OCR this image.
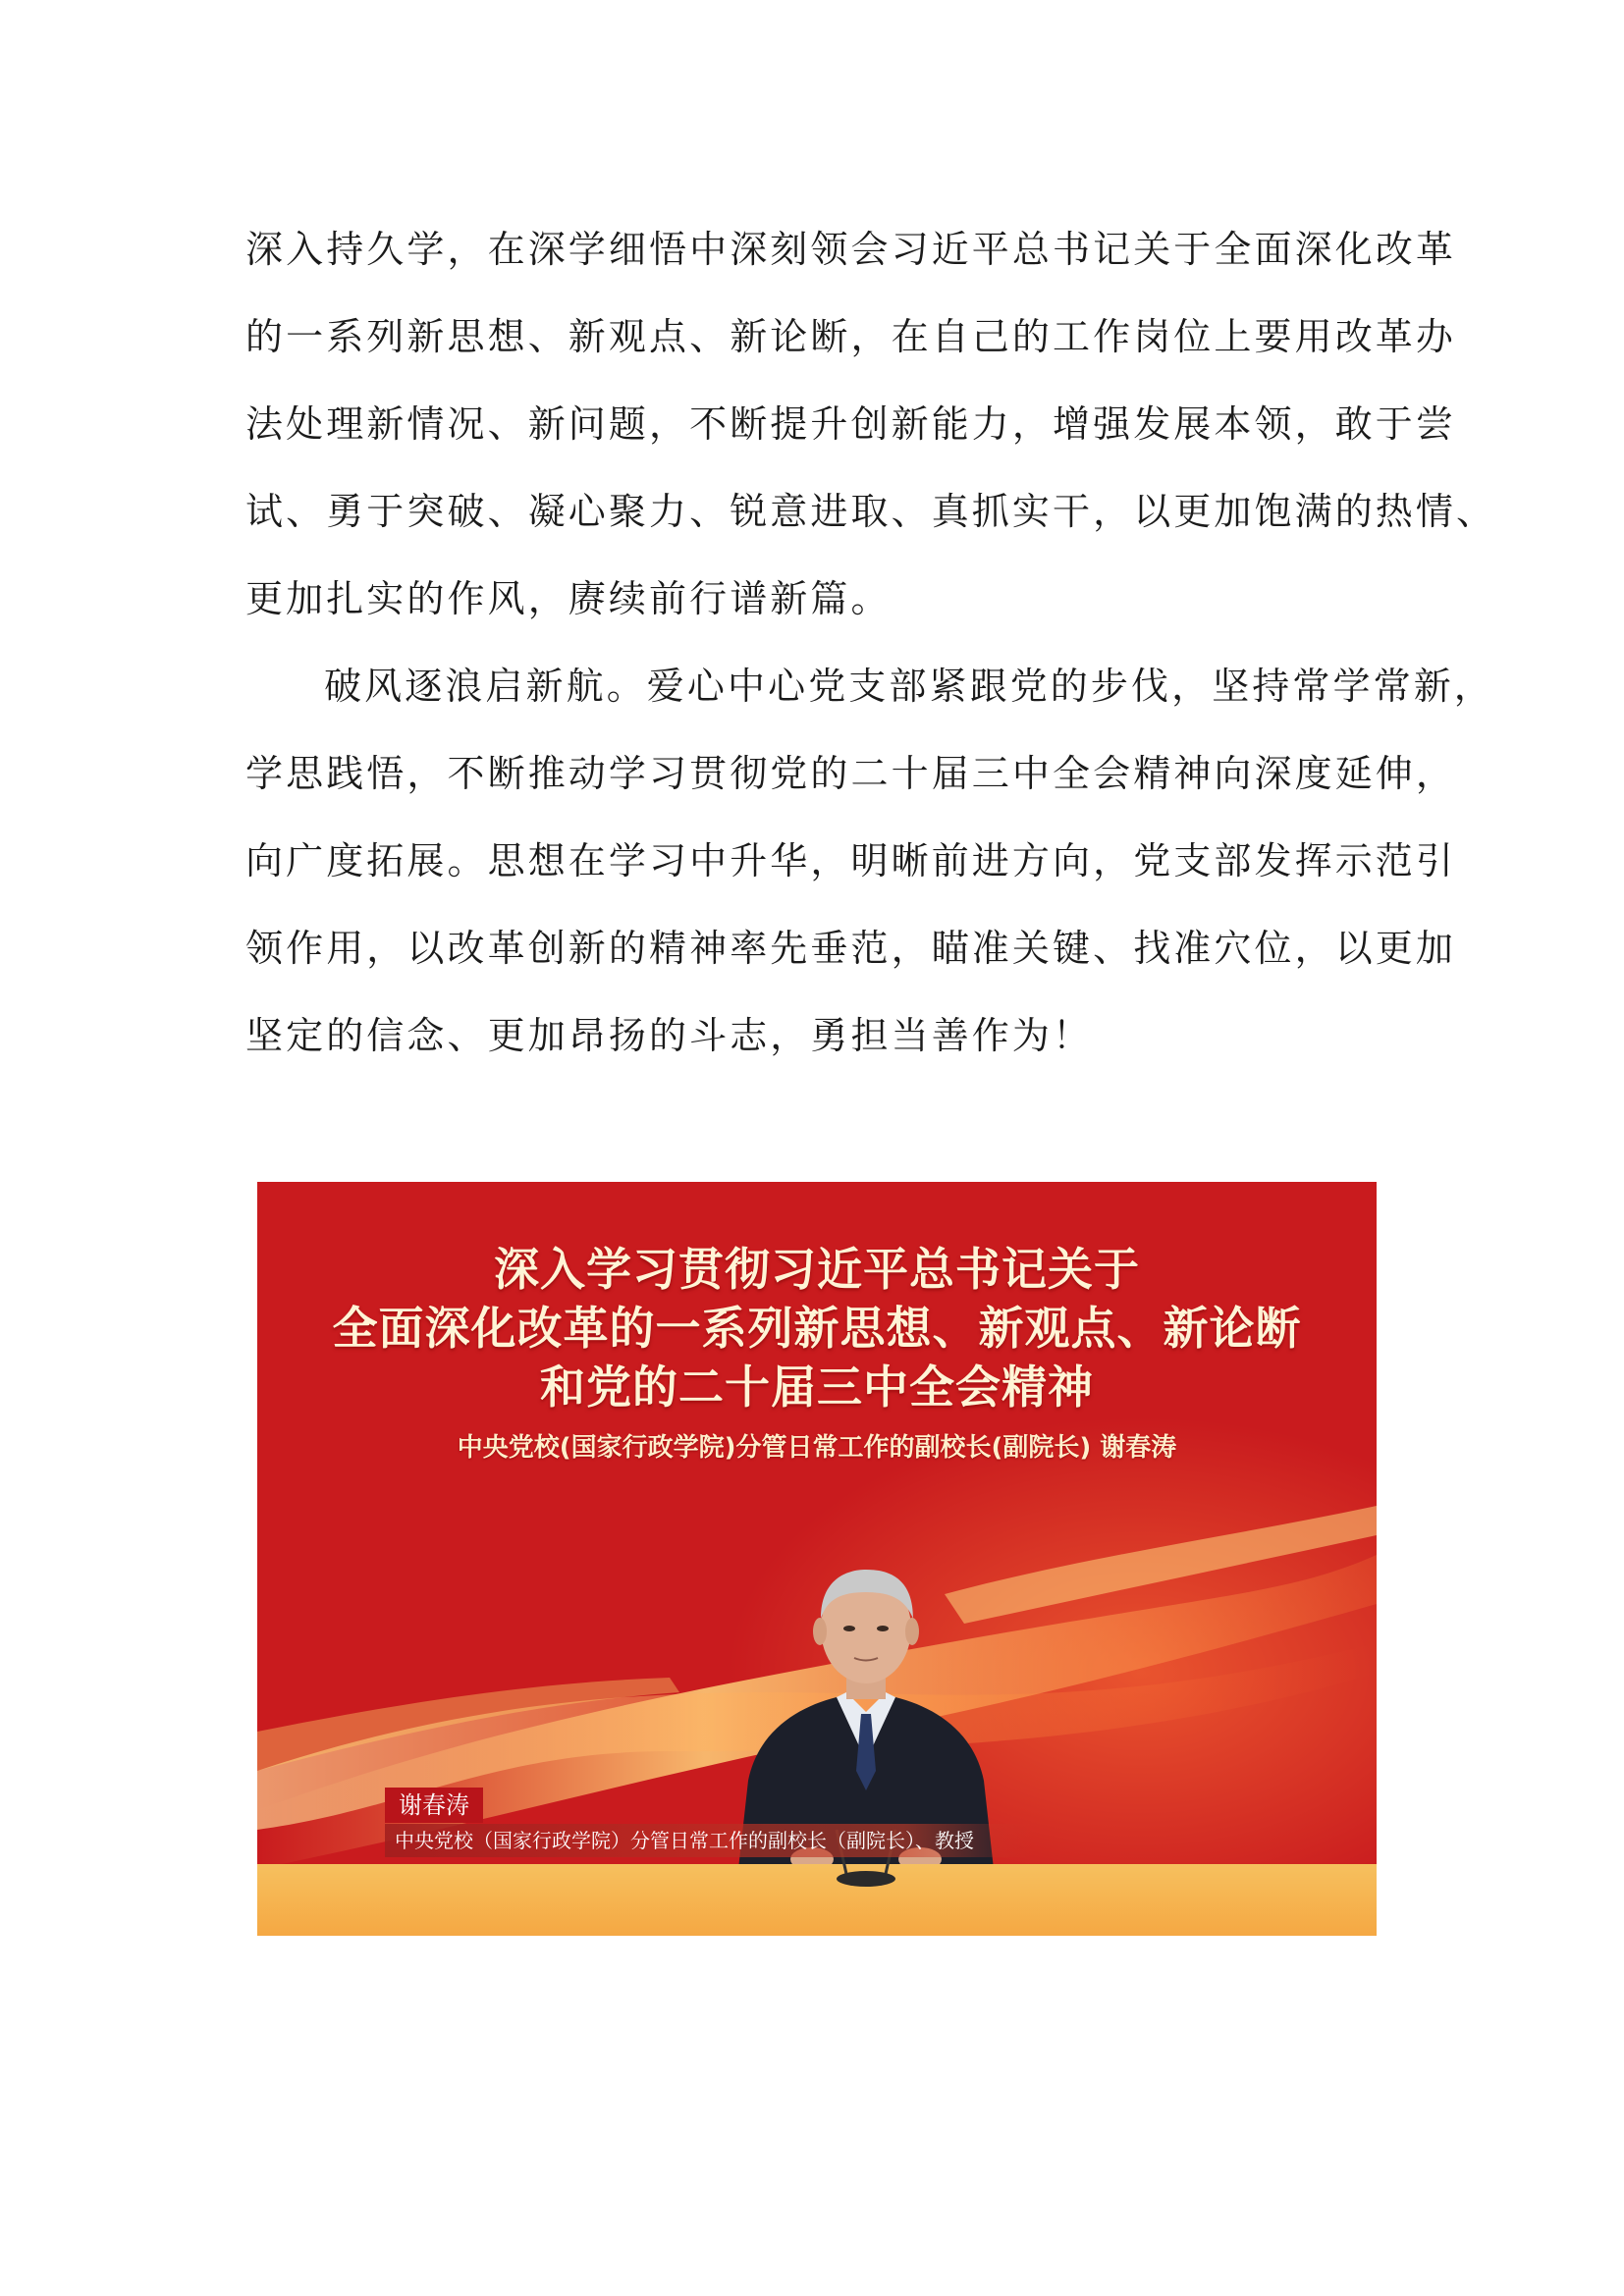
深入持久学，在深学细悟中深刻领会习近平总书记关于全面深化改革
的一系列新思想、新观点、新论断，在自己的工作岗位上要用改革办
法处理新情况、新问题，不断提升创新能力，增强发展本领，敢于尝
试、勇于突破、凝心聚力、锐意进取、真抓实干，以更加饱满的热情、
更加扎实的作风，赓续前行谱新篇。

破风逐浪启新航。爱心中心党支部紧跟党的步伐，坚持常学常新，
学思践悟，不断推动学习贯彻党的二十届三中全会精神向深度延伸，
向广度拓展。思想在学习中升华，明晰前进方向，党支部发挥示范引
领作用，以改革创新的精神率先垂范，瞄准关键、找准穴位，以更加
坚定的信念、更加昂扬的斗志，勇担当善作为！

深入学习贯彻习近平总书记关于
全面深化改革的一系列新思想、新观点、新论断
和党的二十届三中全会精神
中央党校(国家行政学院)分管日常工作的副校长(副院长) 谢春涛
谢春涛
中央党校（国家行政学院）分管日常工作的副校长（副院长）、教授
